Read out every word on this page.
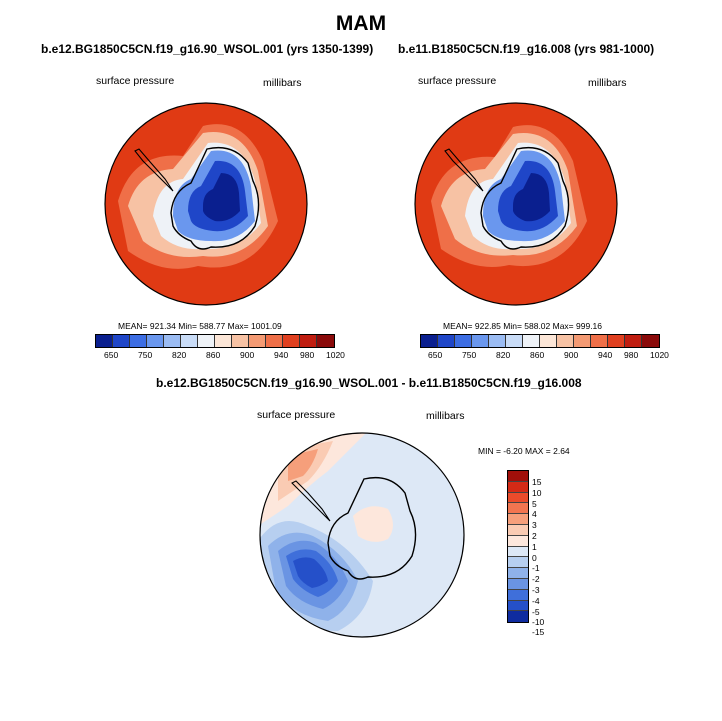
MAM
b.e12.BG1850C5CN.f19_g16.90_WSOL.001 (yrs 1350-1399)
surface pressure	millibars
MEAN= 921.34 Min= 588.77 Max= 1001.09
650 750 820 860 900 940 980 1020
b.e11.B1850C5CN.f19_g16.008 (yrs 981-1000)
surface pressure	millibars
MEAN= 922.85 Min= 588.02 Max= 999.16
650 750 820 860 900 940 980 1020
b.e12.BG1850C5CN.f19_g16.90_WSOL.001 - b.e11.B1850C5CN.f19_g16.008
surface pressure	millibars
MIN = -6.20 MAX = 2.64
15
10
5
4
3
2
1
0
-1
-2
-3
-4
-5
-10
-15
